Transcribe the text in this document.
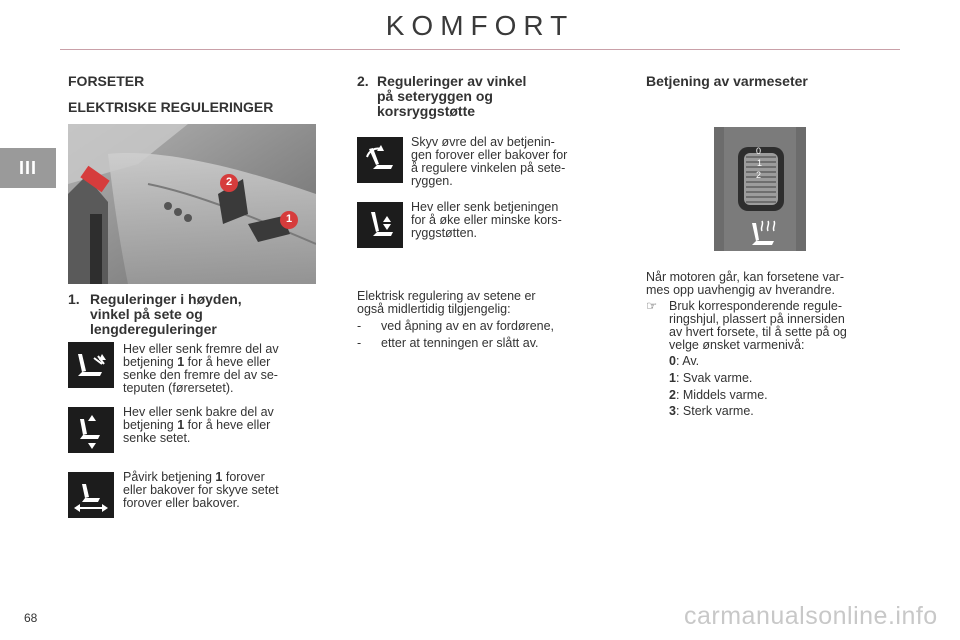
KOMFORT
III
FORSETER
ELEKTRISKE REGULERINGER
2
1
1. Reguleringer i høyden,
vinkel på sete og
lengdereguleringer
Hev eller senk fremre del av
betjening 1 for å heve eller
senke den fremre del av se-
teputen (førersetet).
Hev eller senk bakre del av
betjening 1 for å heve eller
senke setet.
Påvirk betjening 1 forover
eller bakover for skyve setet
forover eller bakover.
2. Reguleringer av vinkel
på seteryggen og
korsryggstøtte
Skyv øvre del av betjenin-
gen forover eller bakover for
å regulere vinkelen på sete-
ryggen.
Hev eller senk betjeningen
for å øke eller minske kors-
ryggstøtten.
Elektrisk regulering av setene er
også midlertidig tilgjengelig:
- ved åpning av en av fordørene,
- etter at tenningen er slått av.
Betjening av varmeseter
0
1
2
Når motoren går, kan forsetene var-
mes opp uavhengig av hverandre.
☞ Bruk korresponderende regule-
ringshjul, plassert på innersiden
av hvert forsete, til å sette på og
velge ønsket varmenivå:
0: Av.
1: Svak varme.
2: Middels varme.
3: Sterk varme.
68	carmanualsonline.info
